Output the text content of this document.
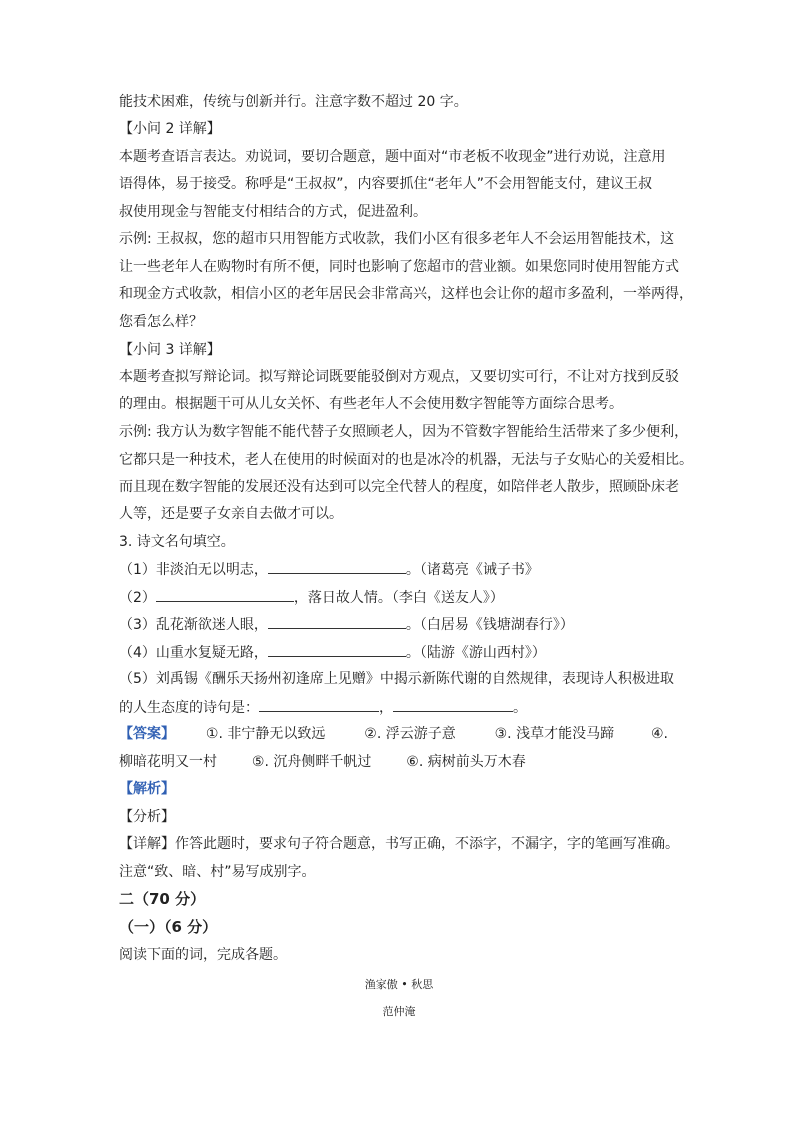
能技术困难，传统与创新并行。注意字数不超过 20 字。
【小问 2 详解】
本题考查语言表达。劝说词，要切合题意，题中面对“市老板不收现金”进行劝说，注意用
语得体，易于接受。称呼是“王叔叔”，内容要抓住“老年人”不会用智能支付，建议王叔
叔使用现金与智能支付相结合的方式，促进盈利。
示例: 王叔叔，您的超市只用智能方式收款，我们小区有很多老年人不会运用智能技术，这
让一些老年人在购物时有所不便，同时也影响了您超市的营业额。如果您同时使用智能方式
和现金方式收款，相信小区的老年居民会非常高兴，这样也会让你的超市多盈利，一举两得，
您看怎么样？
【小问 3 详解】
本题考查拟写辩论词。拟写辩论词既要能驳倒对方观点，又要切实可行，不让对方找到反驳
的理由。根据题干可从儿女关怀、有些老年人不会使用数字智能等方面综合思考。
示例: 我方认为数字智能不能代替子女照顾老人，因为不管数字智能给生活带来了多少便利，
它都只是一种技术，老人在使用的时候面对的也是冰冷的机器，无法与子女贴心的关爱相比。
而且现在数字智能的发展还没有达到可以完全代替人的程度，如陪伴老人散步，照顾卧床老
人等，还是要子女亲自去做才可以。
3. 诗文名句填空。
（1）非淡泊无以明志，	。（诸葛亮《诫子书》
（2）	，落日故人情。（李白《送友人》）
（3）乱花渐欲迷人眼，	。（白居易《钱塘湖春行》）
（4）山重水复疑无路，	。（陆游《游山西村》）
（5）刘禹锡《酬乐天扬州初逢席上见赠》中揭示新陈代谢的自然规律，表现诗人积极进取
的人生态度的诗句是：	，	。
【答案】 ①. 非宁静无以致远	②. 浮云游子意	③. 浅草才能没马蹄	④.
柳暗花明又一村 ⑤. 沉舟侧畔千帆过 ⑥. 病树前头万木春
【解析】
【分析】
【详解】作答此题时，要求句子符合题意，书写正确，不添字，不漏字，字的笔画写准确。
注意“致、暗、村”易写成别字。
二（70 分）
（一）（6 分）
阅读下面的词，完成各题。
渔家傲 • 秋思
范仲淹
